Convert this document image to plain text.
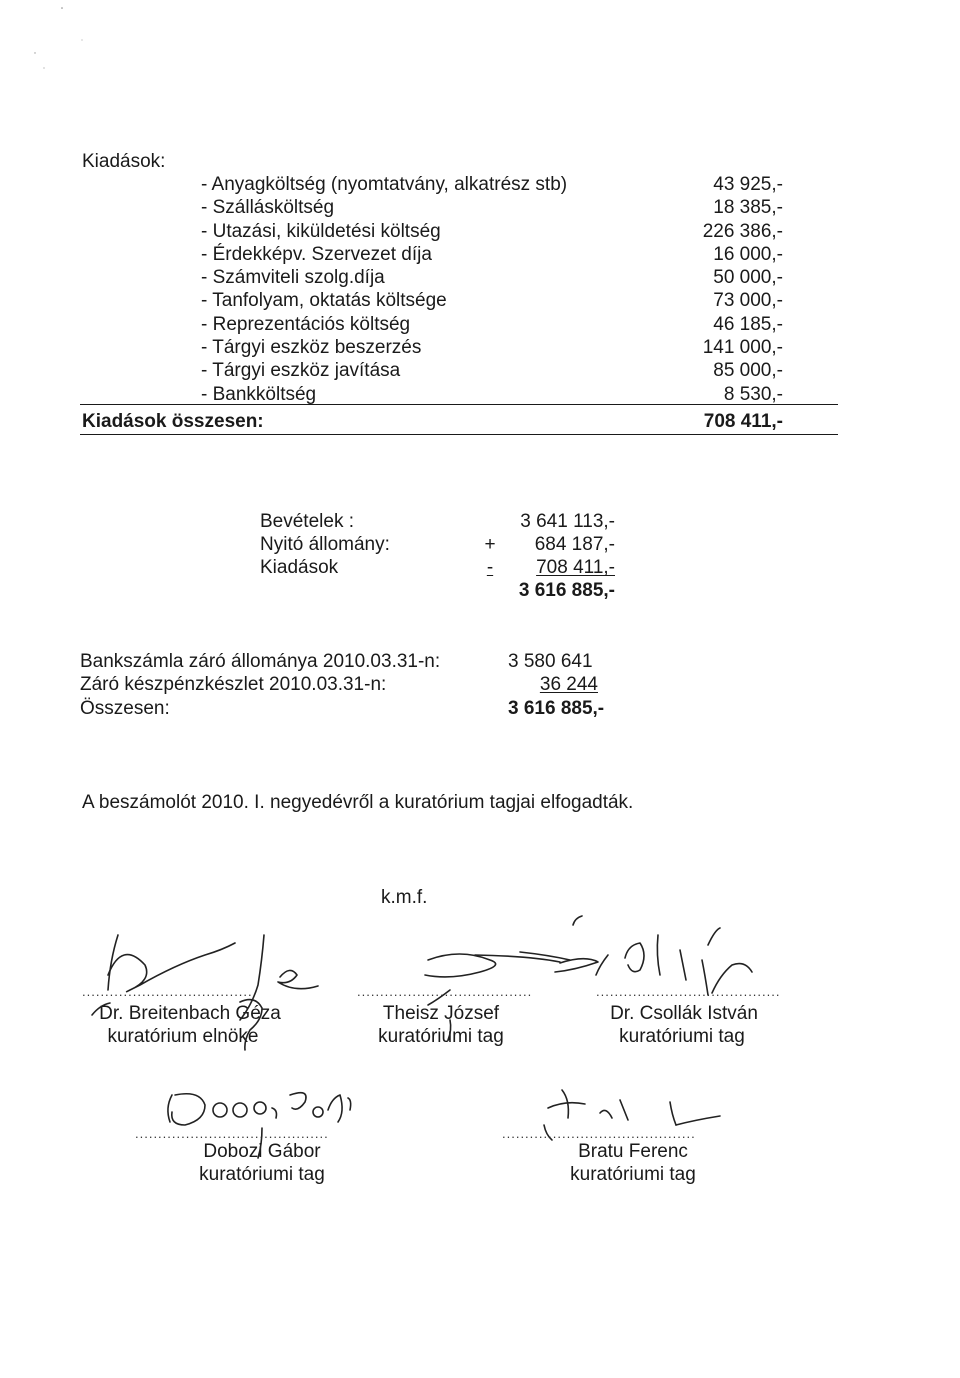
Kiadások:
- Anyagköltség (nyomtatvány, alkatrész stb)	43 925,-
- Szállásköltség	18 385,-
- Utazási, kiküldetési költség	226 386,-
- Érdekképv. Szervezet díja	16 000,-
- Számviteli szolg.díja	50 000,-
- Tanfolyam, oktatás költsége	73 000,-
- Reprezentációs költség	46 185,-
- Tárgyi eszköz beszerzés	141 000,-
- Tárgyi eszköz javítása	85 000,-
- Bankköltség	8 530,-
Kiadások összesen:	708 411,-
Bevételek :	3 641 113,-
Nyitó állomány:	+ 684 187,-
Kiadások	- 708 411,-
3 616 885,-
Bankszámla záró állománya 2010.03.31-n:	3 580 641
Záró készpénzkészlet 2010.03.31-n:	36 244
Összesen:	3 616 885,-
A beszámolót 2010. I. negyedévről a kuratórium tagjai elfogadták.
k.m.f.
.....................................	......................................	........................................
..........................................	..........................................
Dr. Breitenbach Géza
kuratórium elnöke
Theisz József
kuratóriumi tag
Dr. Csollák István
kuratóriumi tag
Dobozi Gábor
kuratóriumi tag
Bratu Ferenc
kuratóriumi tag
